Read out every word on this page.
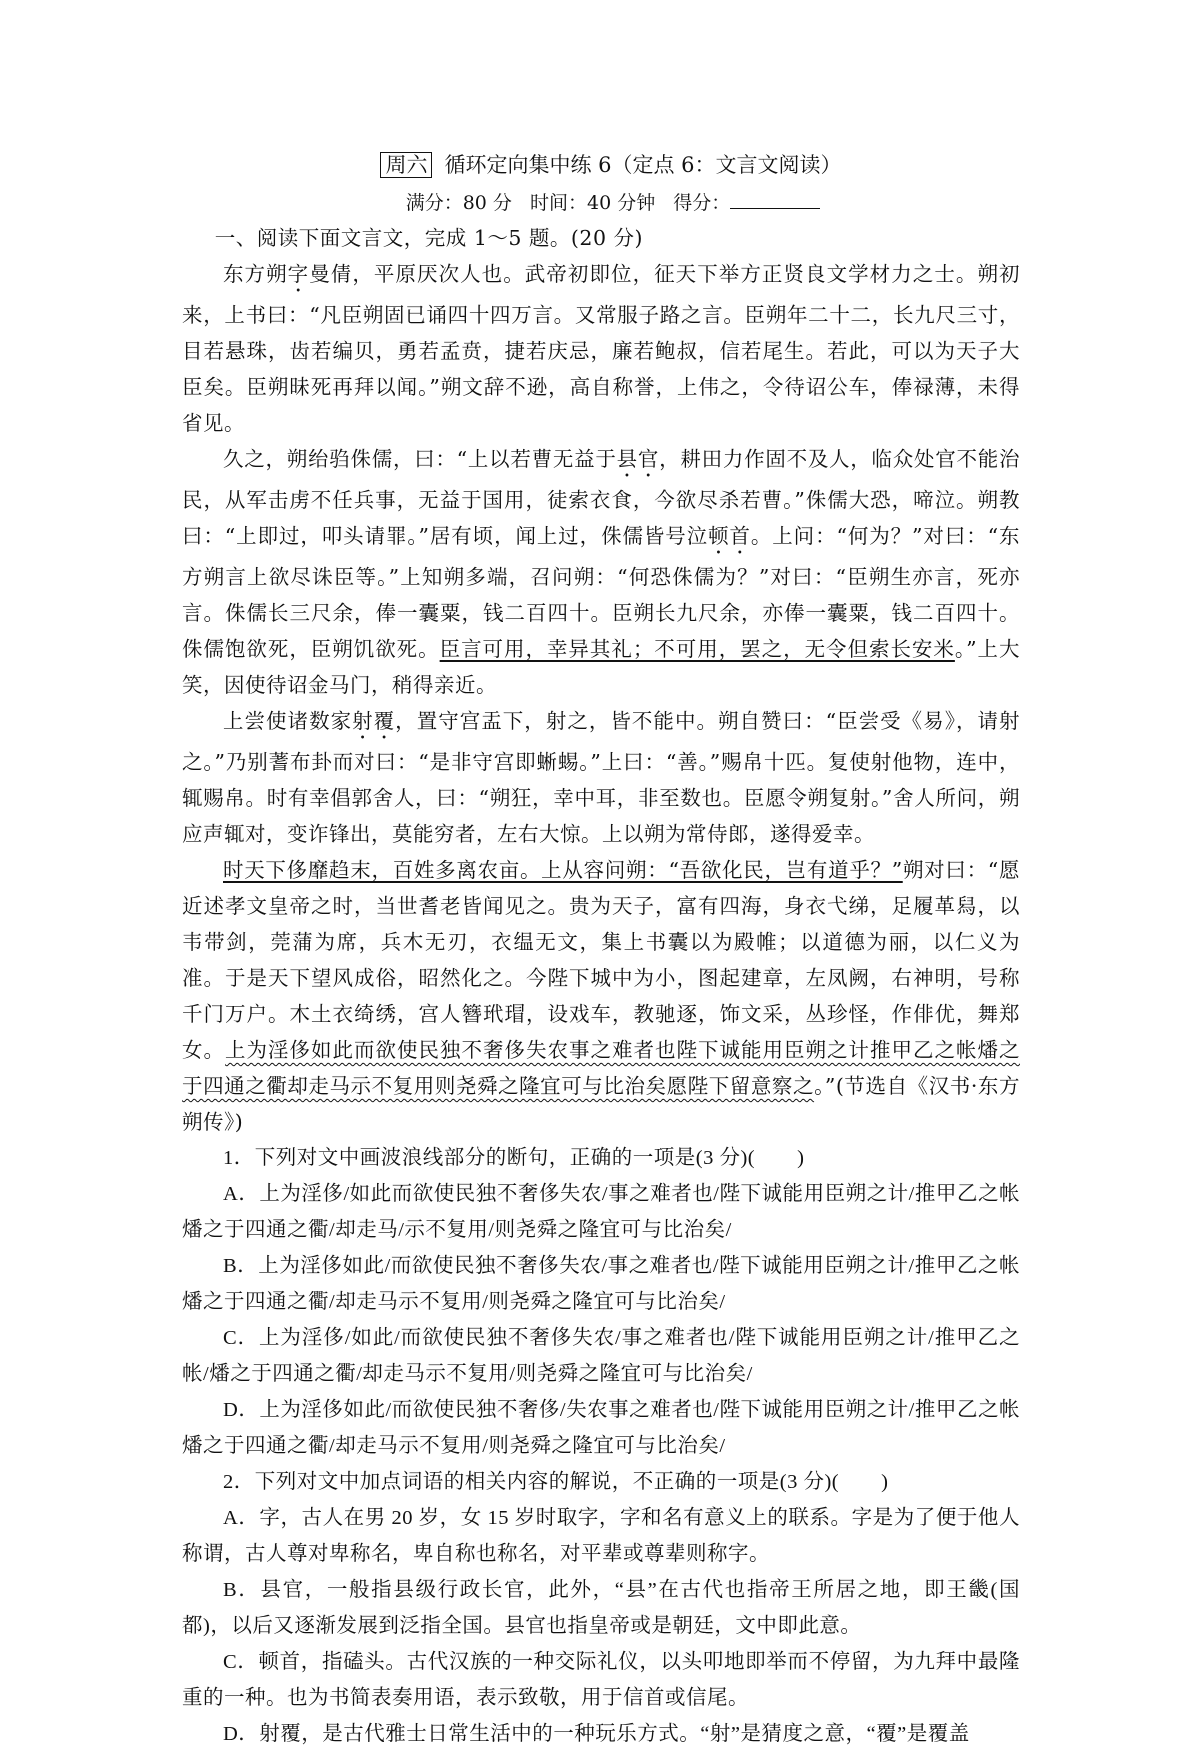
周六 循环定向集中练 6（定点 6：文言文阅读）
满分：80 分 时间：40 分钟 得分：

一、阅读下面文言文，完成 1～5 题。(20 分)

东方朔字曼倩，平原厌次人也。武帝初即位，征天下举方正贤良文学材力之士。朔初来，上书曰：“凡臣朔固已诵四十四万言。又常服子路之言。臣朔年二十二，长九尺三寸，目若悬珠，齿若编贝，勇若孟贲，捷若庆忌，廉若鲍叔，信若尾生。若此，可以为天子大臣矣。臣朔昧死再拜以闻。”朔文辞不逊，高自称誉，上伟之，令待诏公车，俸禄薄，未得省见。

久之，朔绐驺侏儒，曰：“上以若曹无益于县官，耕田力作固不及人，临众处官不能治民，从军击虏不任兵事，无益于国用，徒索衣食，今欲尽杀若曹。”侏儒大恐，啼泣。朔教曰：“上即过，叩头请罪。”居有顷，闻上过，侏儒皆号泣顿首。上问：“何为？”对曰：“东方朔言上欲尽诛臣等。”上知朔多端，召问朔：“何恐侏儒为？”对曰：“臣朔生亦言，死亦言。侏儒长三尺余，俸一囊粟，钱二百四十。臣朔长九尺余，亦俸一囊粟，钱二百四十。侏儒饱欲死，臣朔饥欲死。臣言可用，幸异其礼；不可用，罢之，无令但索长安米。”上大笑，因使待诏金马门，稍得亲近。

上尝使诸数家射覆，置守宫盂下，射之，皆不能中。朔自赞曰：“臣尝受《易》，请射之。”乃别蓍布卦而对曰：“是非守宫即蜥蜴。”上曰：“善。”赐帛十匹。复使射他物，连中，辄赐帛。时有幸倡郭舍人，曰：“朔狂，幸中耳，非至数也。臣愿令朔复射。”舍人所问，朔应声辄对，变诈锋出，莫能穷者，左右大惊。上以朔为常侍郎，遂得爱幸。

时天下侈靡趋末，百姓多离农亩。上从容问朔：“吾欲化民，岂有道乎？”朔对曰：“愿近述孝文皇帝之时，当世耆老皆闻见之。贵为天子，富有四海，身衣弋绨，足履革舄，以韦带剑，莞蒲为席，兵木无刃，衣缊无文，集上书囊以为殿帷；以道德为丽，以仁义为准。于是天下望风成俗，昭然化之。今陛下城中为小，图起建章，左凤阙，右神明，号称千门万户。木土衣绮绣，宫人簪玳瑁，设戏车，教驰逐，饰文采，丛珍怪，作俳优，舞郑女。上为淫侈如此而欲使民独不奢侈失农事之难者也陛下诚能用臣朔之计推甲乙之帐燔之于四通之衢却走马示不复用则尧舜之隆宜可与比治矣愿陛下留意察之。”(节选自《汉书·东方朔传》)

1．下列对文中画波浪线部分的断句，正确的一项是(3 分)(　　)

A．上为淫侈/如此而欲使民独不奢侈失农/事之难者也/陛下诚能用臣朔之计/推甲乙之帐燔之于四通之衢/却走马/示不复用/则尧舜之隆宜可与比治矣/

B．上为淫侈如此/而欲使民独不奢侈失农/事之难者也/陛下诚能用臣朔之计/推甲乙之帐燔之于四通之衢/却走马示不复用/则尧舜之隆宜可与比治矣/

C．上为淫侈/如此/而欲使民独不奢侈失农/事之难者也/陛下诚能用臣朔之计/推甲乙之帐/燔之于四通之衢/却走马示不复用/则尧舜之隆宜可与比治矣/

D．上为淫侈如此/而欲使民独不奢侈/失农事之难者也/陛下诚能用臣朔之计/推甲乙之帐燔之于四通之衢/却走马示不复用/则尧舜之隆宜可与比治矣/

2．下列对文中加点词语的相关内容的解说，不正确的一项是(3 分)(　　)

A．字，古人在男 20 岁，女 15 岁时取字，字和名有意义上的联系。字是为了便于他人称谓，古人尊对卑称名，卑自称也称名，对平辈或尊辈则称字。

B．县官，一般指县级行政长官，此外，“县”在古代也指帝王所居之地，即王畿(国都)，以后又逐渐发展到泛指全国。县官也指皇帝或是朝廷，文中即此意。

C．顿首，指磕头。古代汉族的一种交际礼仪，以头叩地即举而不停留，为九拜中最隆重的一种。也为书简表奏用语，表示致敬，用于信首或信尾。

D．射覆，是古代雅士日常生活中的一种玩乐方式。“射”是猜度之意，“覆”是覆盖
